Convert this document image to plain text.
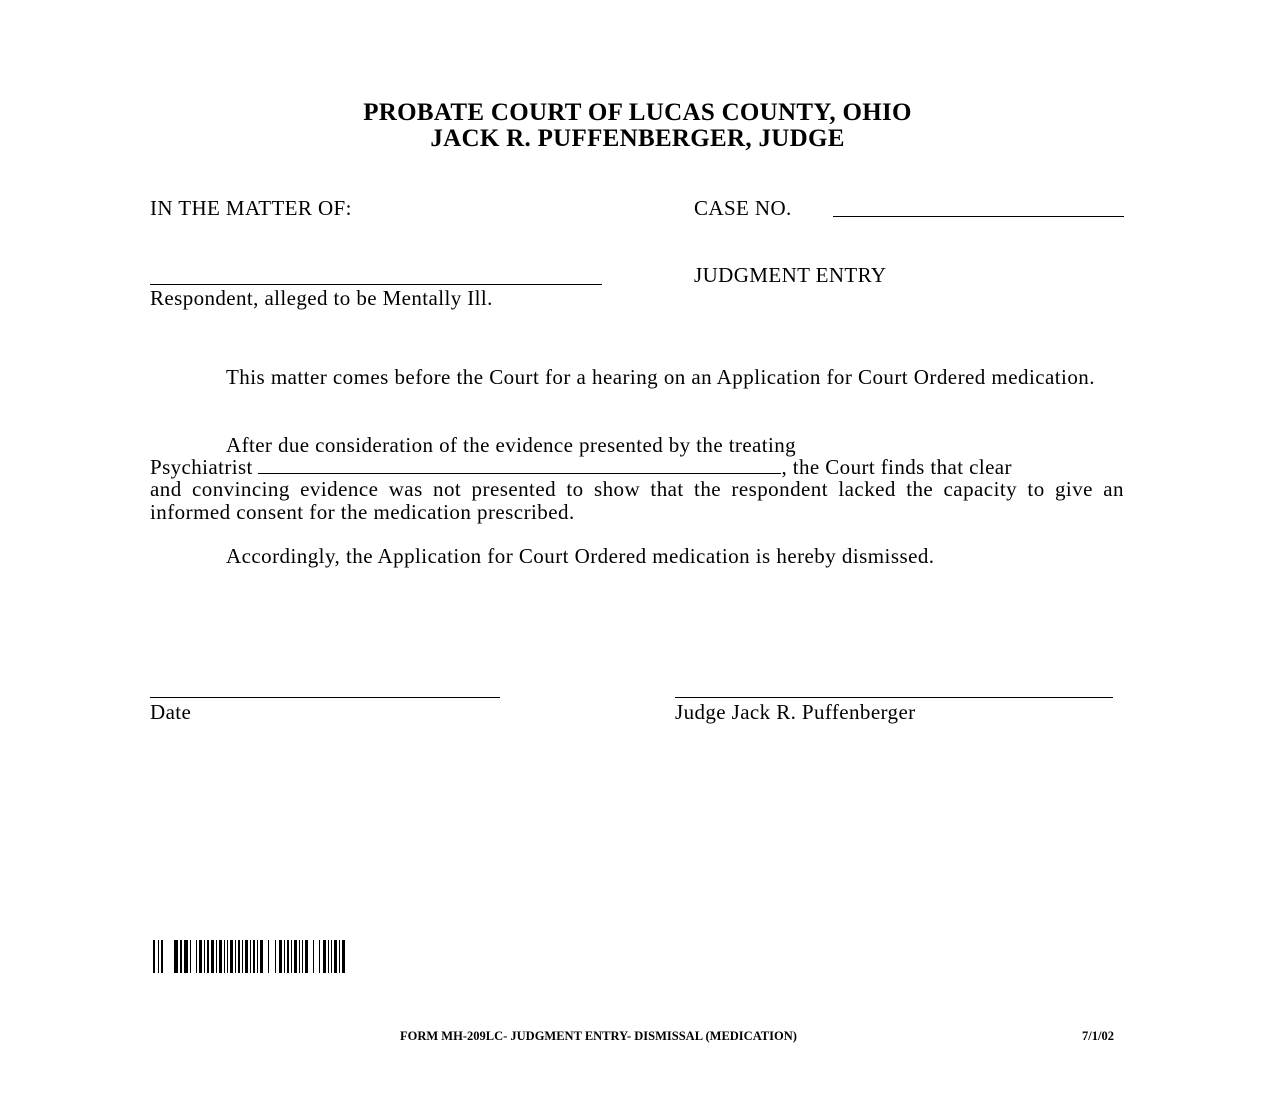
PROBATE COURT OF LUCAS COUNTY, OHIO
JACK R. PUFFENBERGER, JUDGE
IN THE MATTER OF:	CASE NO.
Respondent, alleged to be Mentally Ill.
JUDGMENT ENTRY
This matter comes before the Court for a hearing on an Application for Court Ordered medication.
After due consideration of the evidence presented by the treating
Psychiatrist	, the Court finds that clear
and convincing evidence was not presented to show that the respondent lacked the capacity to give an informed consent for the medication prescribed.
Accordingly, the Application for Court Ordered medication is hereby dismissed.
Date	Judge Jack R. Puffenberger
FORM MH-209LC- JUDGMENT ENTRY- DISMISSAL (MEDICATION)	7/1/02
